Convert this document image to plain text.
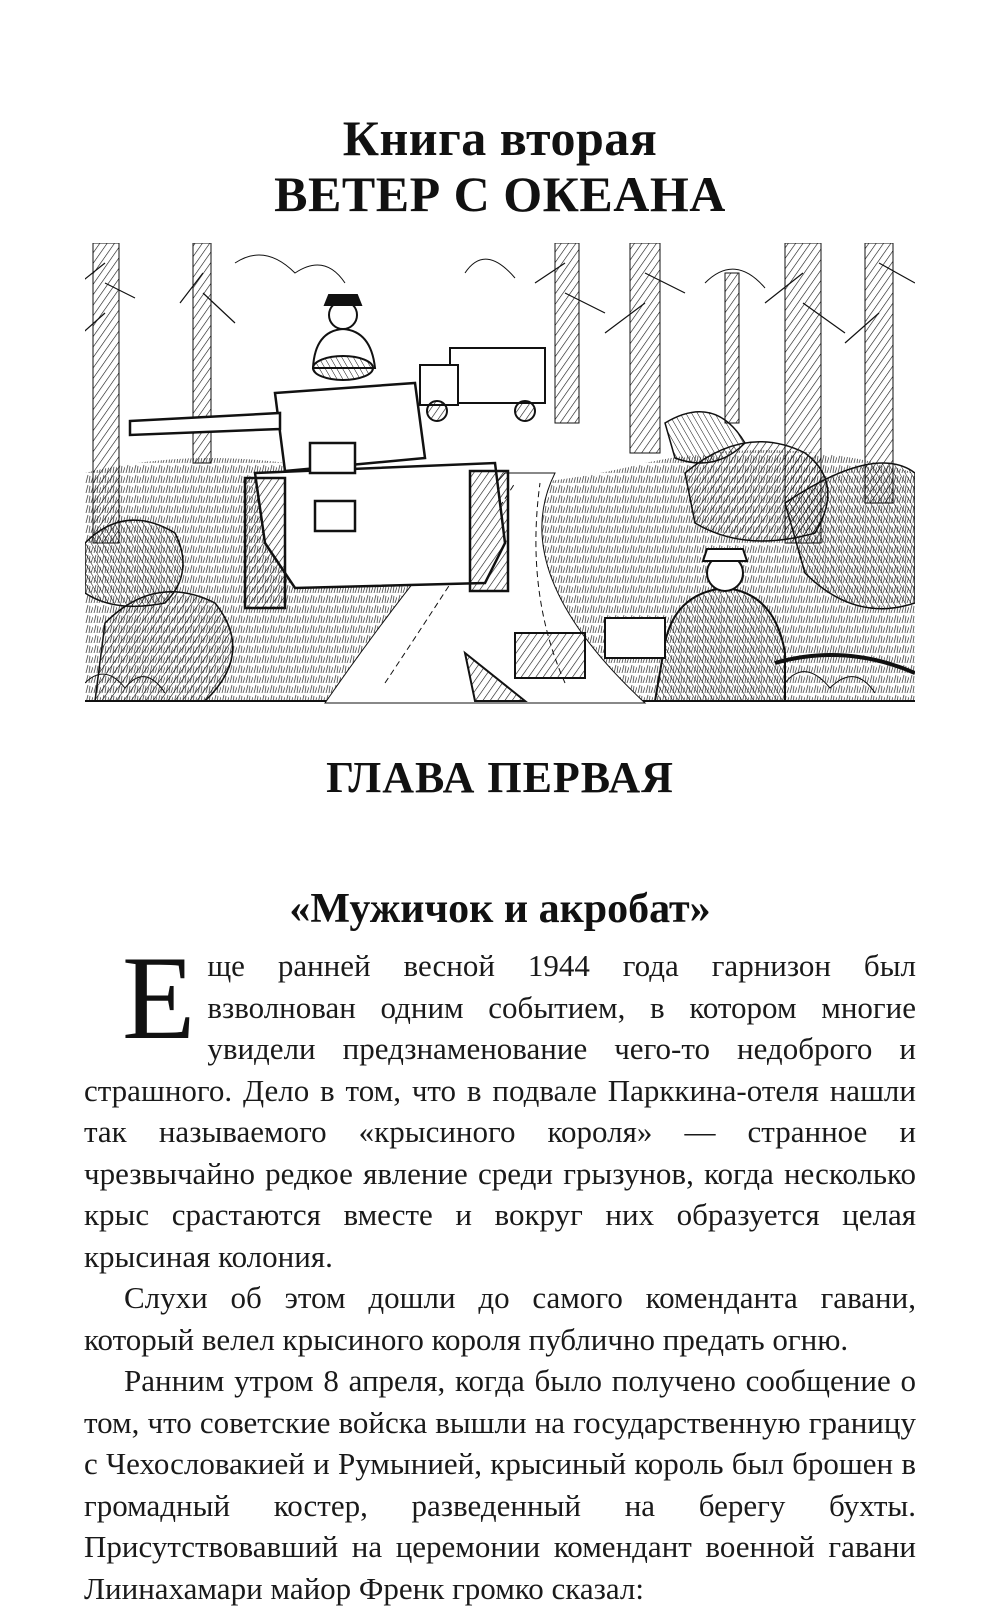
Книга вторая
ВЕТЕР С ОКЕАНА
ГЛАВА ПЕРВАЯ
«Мужичок и акробат»

Еще ранней весной 1944 года гарнизон был взволнован одним событием, в котором многие увидели предзнаменование чего-то недоброго и страшного. Дело в том, что в подвале Парккина-отеля нашли так называемого «крысиного короля» — странное и чрезвычайно редкое явление среди грызунов, когда несколько крыс срастаются вместе и вокруг них образуется целая крысиная колония.

Слухи об этом дошли до самого коменданта гавани, который велел крысиного короля публично предать огню.

Ранним утром 8 апреля, когда было получено сообщение о том, что советские войска вышли на государственную границу с Чехословакией и Румынией, крысиный король был брошен в громадный костер, разведенный на берегу бухты. Присутствовавший на церемонии комендант военной гавани Лиинахамари майор Френк громко сказал:
